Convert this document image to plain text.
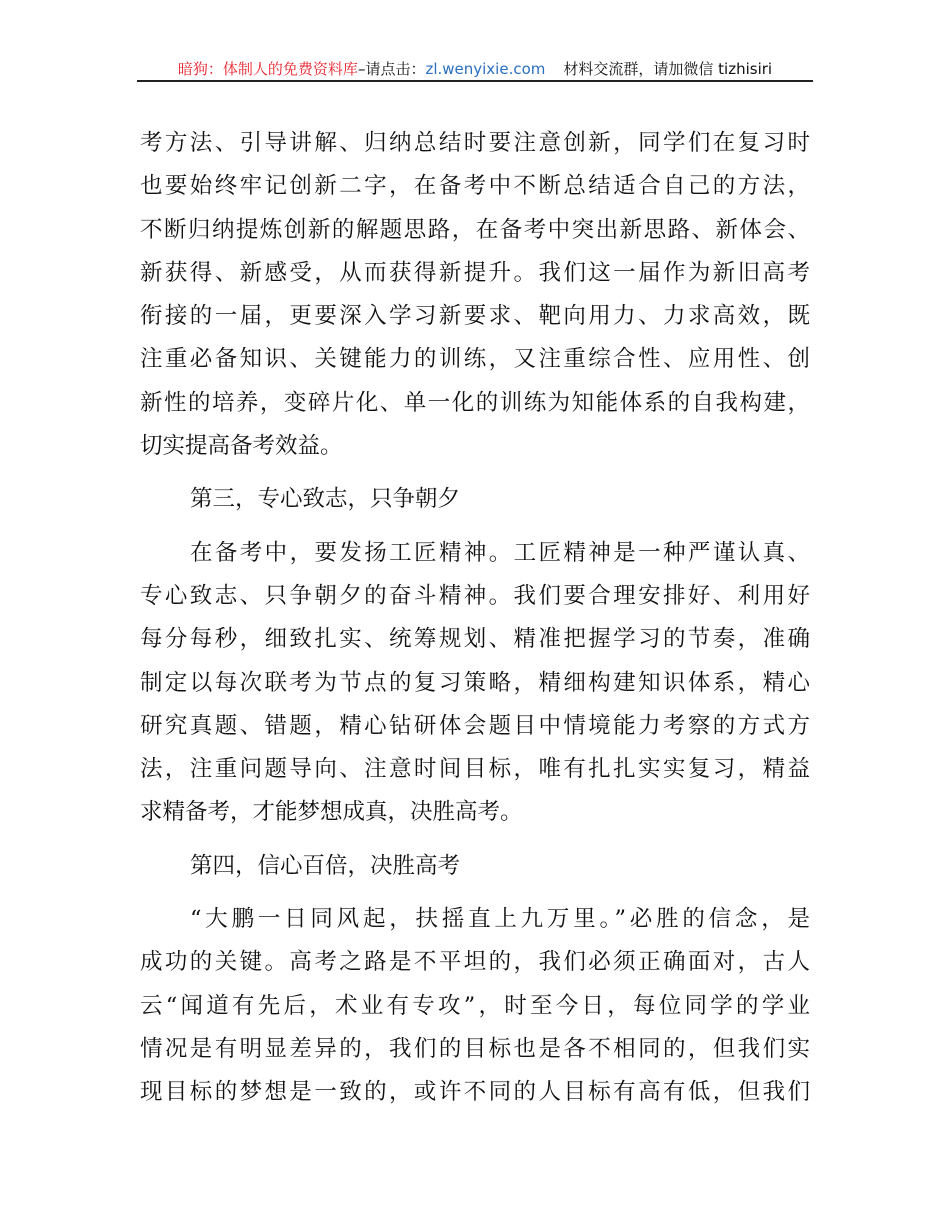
暗狗：体制人的免费资料库–请点击：zl.wenyixie.com 材料交流群，请加微信 tizhisiri
考方法、引导讲解、归纳总结时要注意创新，同学们在复习时
也要始终牢记创新二字，在备考中不断总结适合自己的方法，
不断归纳提炼创新的解题思路，在备考中突出新思路、新体会、
新获得、新感受，从而获得新提升。我们这一届作为新旧高考
衔接的一届，更要深入学习新要求、靶向用力、力求高效，既
注重必备知识、关键能力的训练，又注重综合性、应用性、创
新性的培养，变碎片化、单一化的训练为知能体系的自我构建，
切实提高备考效益。
第三，专心致志，只争朝夕
在备考中，要发扬工匠精神。工匠精神是一种严谨认真、
专心致志、只争朝夕的奋斗精神。我们要合理安排好、利用好
每分每秒，细致扎实、统筹规划、精准把握学习的节奏，准确
制定以每次联考为节点的复习策略，精细构建知识体系，精心
研究真题、错题，精心钻研体会题目中情境能力考察的方式方
法，注重问题导向、注意时间目标，唯有扎扎实实复习，精益
求精备考，才能梦想成真，决胜高考。
第四，信心百倍，决胜高考
“大鹏一日同风起，扶摇直上九万里。”必胜的信念，是
成功的关键。高考之路是不平坦的，我们必须正确面对，古人
云“闻道有先后，术业有专攻”，时至今日，每位同学的学业
情况是有明显差异的，我们的目标也是各不相同的，但我们实
现目标的梦想是一致的，或许不同的人目标有高有低，但我们
